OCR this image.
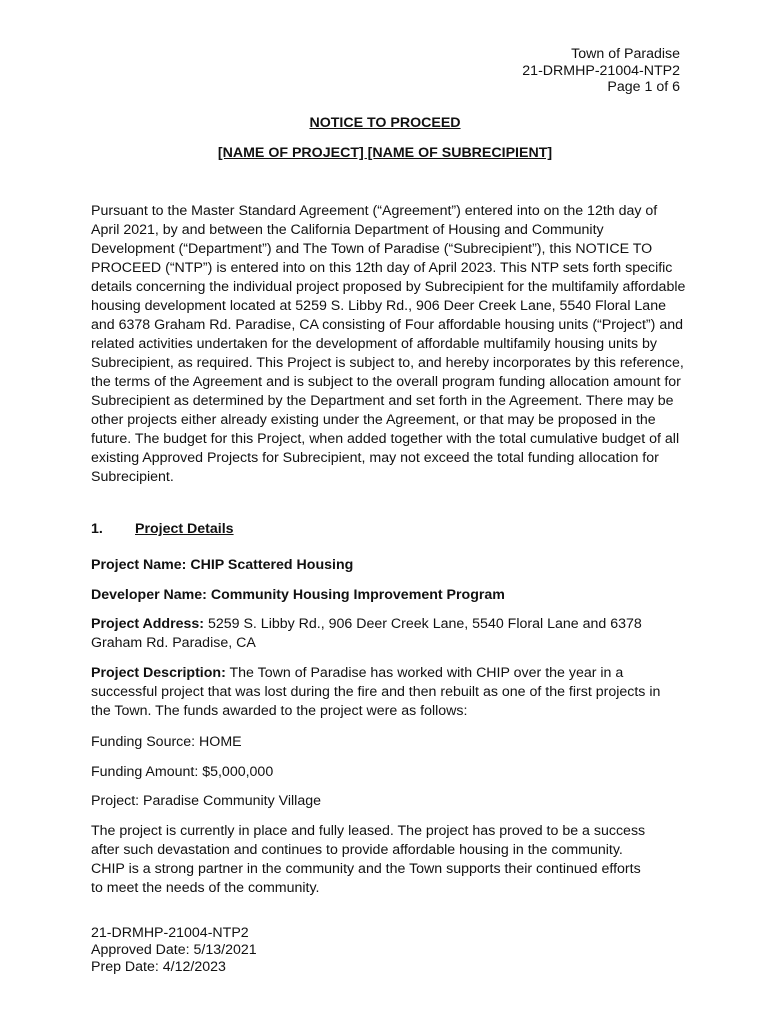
Town of Paradise
21-DRMHP-21004-NTP2
Page 1 of 6
NOTICE TO PROCEED
[NAME OF PROJECT] [NAME OF SUBRECIPIENT]
Pursuant to the Master Standard Agreement (“Agreement”) entered into on the 12th day of April 2021, by and between the California Department of Housing and Community Development (“Department”) and The Town of Paradise (“Subrecipient”), this NOTICE TO PROCEED (“NTP”) is entered into on this 12th day of April 2023. This NTP sets forth specific details concerning the individual project proposed by Subrecipient for the multifamily affordable housing development located at 5259 S. Libby Rd., 906 Deer Creek Lane, 5540 Floral Lane and 6378 Graham Rd. Paradise, CA consisting of Four affordable housing units (“Project”) and related activities undertaken for the development of affordable multifamily housing units by Subrecipient, as required. This Project is subject to, and hereby incorporates by this reference, the terms of the Agreement and is subject to the overall program funding allocation amount for Subrecipient as determined by the Department and set forth in the Agreement. There may be other projects either already existing under the Agreement, or that may be proposed in the future. The budget for this Project, when added together with the total cumulative budget of all existing Approved Projects for Subrecipient, may not exceed the total funding allocation for Subrecipient.
1. Project Details
Project Name: CHIP Scattered Housing
Developer Name: Community Housing Improvement Program
Project Address: 5259 S. Libby Rd., 906 Deer Creek Lane, 5540 Floral Lane and 6378 Graham Rd. Paradise, CA
Project Description: The Town of Paradise has worked with CHIP over the year in a successful project that was lost during the fire and then rebuilt as one of the first projects in the Town. The funds awarded to the project were as follows:
Funding Source: HOME
Funding Amount: $5,000,000
Project: Paradise Community Village
The project is currently in place and fully leased. The project has proved to be a success after such devastation and continues to provide affordable housing in the community. CHIP is a strong partner in the community and the Town supports their continued efforts to meet the needs of the community.
21-DRMHP-21004-NTP2
Approved Date: 5/13/2021
Prep Date: 4/12/2023
